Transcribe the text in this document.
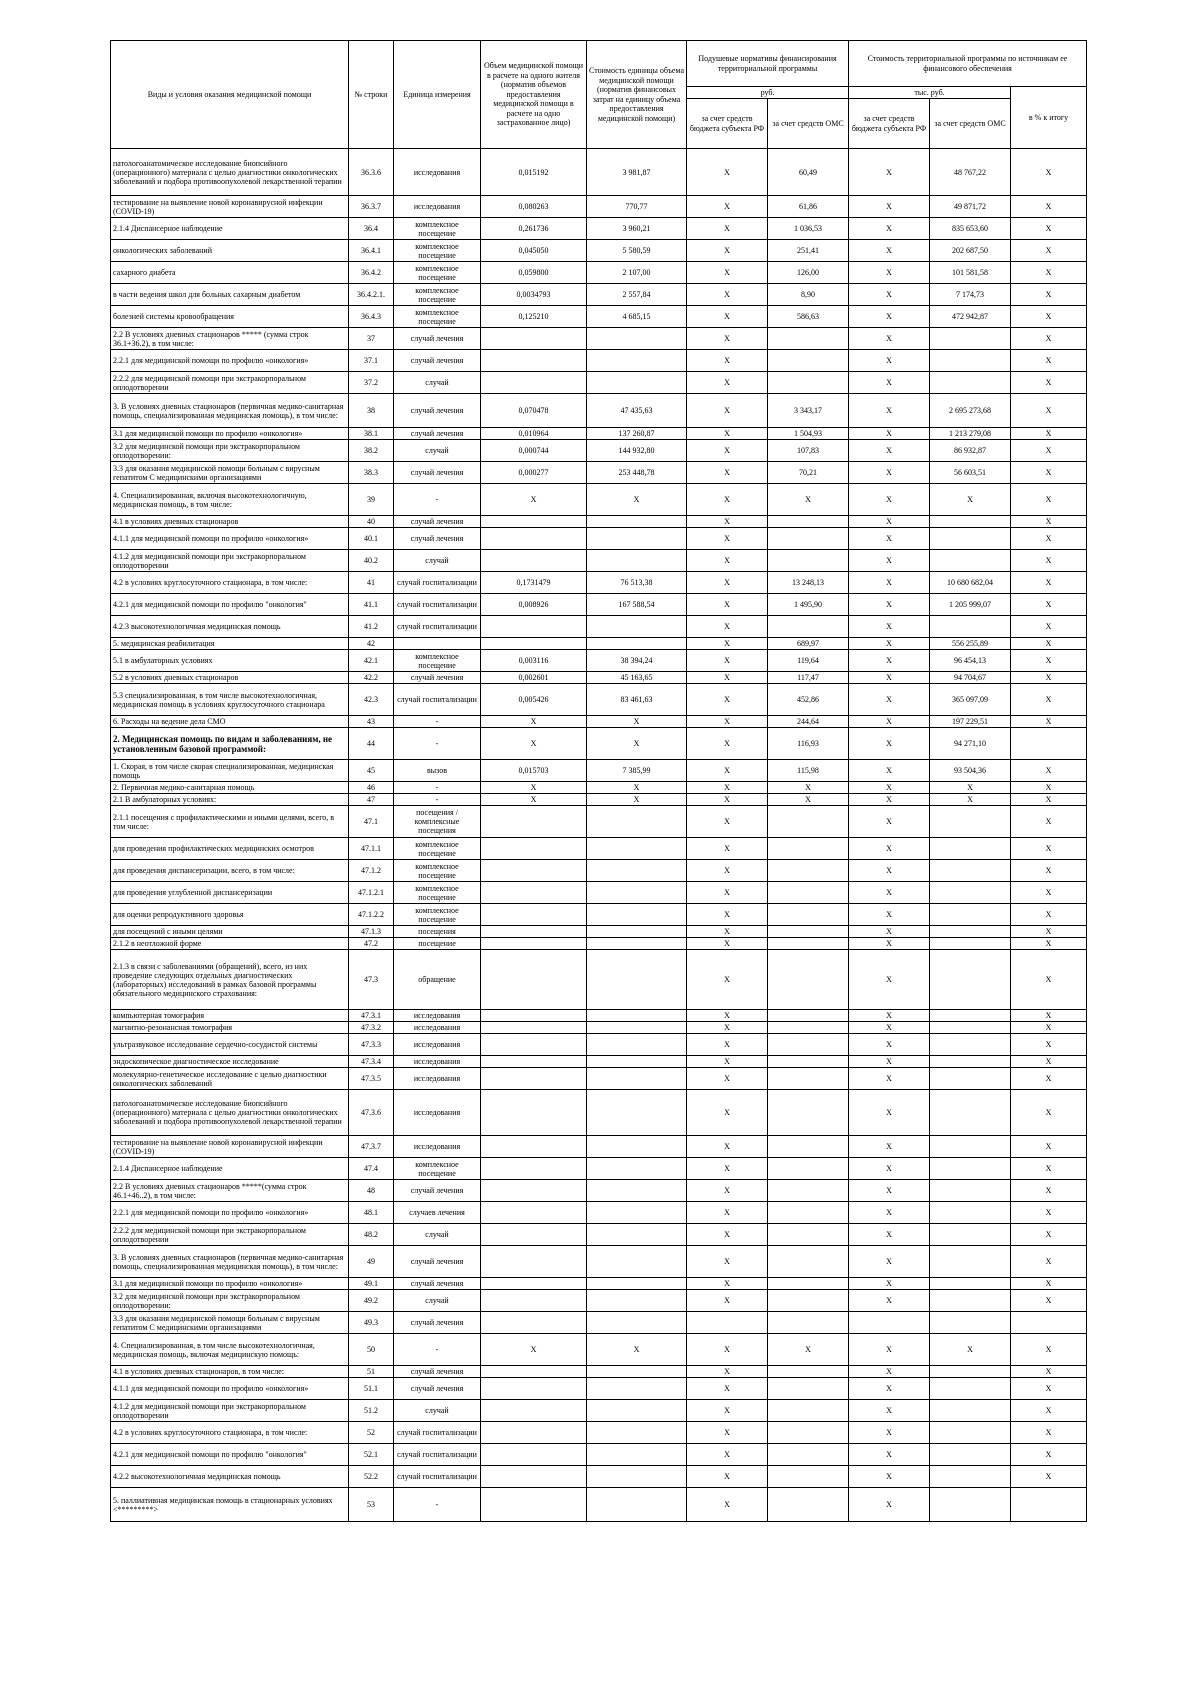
Виды и условия оказания медицинской помощи	№ строки	Единица измерения	Объем медицинской помощи в расчете на одного жителя (норматив объемов предоставления медицинской помощи в расчете на одно застрахованное лицо)	Стоимость единицы объема медицинской помощи (норматив финансовых затрат на единицу объема предоставления медицинской помощи)	Подушевые нормативы финансирования территориальной программы		Стоимость территориальной программы по источникам ее финансового обеспечения		
					руб.		тыс. руб.		в % к итогу
					за счет средств бюджета субъекта РФ	за счет средств ОМС	за счет средств бюджета субъекта РФ	за счет средств ОМС	
патологоанатомическое исследование биопсийного (операционного) материала с целью диагностики онкологических заболеваний и подбора противоопухолевой лекарственной терапии	36.3.6	исследования	0,015192	3 981,87	X	60,49	X	48 767,22	X
тестирование на выявление новой коронавирусной инфекции (COVID-19)	36.3.7	исследования	0,080263	770,77	X	61,86	X	49 871,72	X
2.1.4 Диспансерное наблюдение	36.4	комплексное посещение	0,261736	3 960,21	X	1 036,53	X	835 653,60	X
онкологических заболеваний	36.4.1	комплексное посещение	0,045050	5 580,59	X	251,41	X	202 687,50	X
сахарного диабета	36.4.2	комплексное посещение	0,059800	2 107,00	X	126,00	X	101 581,58	X
в части ведения школ для больных сахарным диабетом	36.4.2.1.	комплексное посещение	0,0034793	2 557,84	X	8,90	X	7 174,73	X
болезней системы кровообращения	36.4.3	комплексное посещение	0,125210	4 685,15	X	586,63	X	472 942,87	X
2.2 В условиях дневных стационаров ***** (сумма строк 36.1+36.2), в том числе:	37	случай лечения			X		X		X
2.2.1 для медицинской помощи по профилю «онкология»	37.1	случай лечения			X		X		X
2.2.2 для медицинской помощи при экстракорпоральном оплодотворении	37.2	случай			X		X		X
3. В условиях дневных стационаров (первичная медико-санитарная помощь, специализированная медицинская помощь), в том числе:	38	случай лечения	0,070478	47 435,63	X	3 343,17	X	2 695 273,68	X
3.1 для медицинской помощи по профилю «онкология»	38.1	случай лечения	0,010964	137 260,87	X	1 504,93	X	1 213 279,08	X
3.2 для медицинской помощи при экстракорпоральном оплодотворении:	38.2	случай	0,000744	144 932,80	X	107,83	X	86 932,87	X
3.3 для оказания медицинской помощи больным с вирусным гепатитом С медицинскими организациями	38.3	случай лечения	0,000277	253 448,78	X	70,21	X	56 603,51	X
4. Специализированная, включая высокотехнологичную, медицинская помощь, в том числе:	39	-	X	X	X	X	X	X	X
4.1 в условиях дневных стационаров	40	случай лечения			X		X		X
4.1.1 для медицинской помощи по профилю «онкология»	40.1	случай лечения			X		X		X
4.1.2 для медицинской помощи при экстракорпоральном оплодотворении	40.2	случай			X		X		X
4.2 в условиях круглосуточного стационара, в том числе:	41	случай госпитализации	0,1731479	76 513,38	X	13 248,13	X	10 680 682,04	X
4.2.1 для медицинской помощи по профилю "онкология"	41.1	случай госпитализации	0,008926	167 588,54	X	1 495,90	X	1 205 999,07	X
4.2.3 высокотехнологичная медицинская помощь	41.2	случай госпитализации			X		X		X
5. медицинская реабилитация	42				X	689,97	X	556 255,89	X
5.1 в амбулаторных условиях	42.1	комплексное посещение	0,003116	38 394,24	X	119,64	X	96 454,13	X
5.2 в условиях дневных стационаров	42.2	случай лечения	0,002601	45 163,65	X	117,47	X	94 704,67	X
5.3 специализированная, в том числе высокотехнологичная, медицинская помощь в условиях круглосуточного стационара	42.3	случай госпитализации	0,005426	83 461,63	X	452,86	X	365 097,09	X
6. Расходы на ведение дела СМО	43	-	X	X	X	244,64	X	197 229,51	X
2. Медицинская помощь по видам и заболеваниям, не установленным базовой программой:	44	-	X	X	X	116,93	X	94 271,10	
1. Скорая, в том числе скорая специализированная, медицинская помощь	45	вызов	0,015703	7 385,99	X	115,98	X	93 504,36	X
2. Первичная медико-санитарная помощь	46	-	X	X	X	X	X	X	X
2.1 В амбулаторных условиях:	47	-	X	X	X	X	X	X	X
2.1.1 посещения с профилактическими и иными целями, всего, в том числе:	47.1	посещения / комплексные посещения			X		X		X
для проведения профилактических медицинских осмотров	47.1.1	комплексное посещение			X		X		X
для проведения диспансеризации, всего, в том числе:	47.1.2	комплексное посещение			X		X		X
для проведения углубленной диспансеризации	47.1.2.1	комплексное посещение			X		X		X
для оценки репродуктивного здоровья	47.1.2.2	комплексное посещение			X		X		X
для посещений с иными целями	47.1.3	посещения			X		X		X
2.1.2 в неотложной форме	47.2	посещение			X		X		X
2.1.3 в связи с заболеваниями (обращений), всего, из них проведение следующих отдельных диагностических (лабораторных) исследований в рамках базовой программы обязательного медицинского страхования:	47.3	обращение			X		X		X
компьютерная томография	47.3.1	исследования			X		X		X
магнитно-резонансная томография	47.3.2	исследования			X		X		X
ультразвуковое исследование сердечно-сосудистой системы	47.3.3	исследования			X		X		X
эндоскопическое диагностическое исследование	47.3.4	исследования			X		X		X
молекулярно-генетическое исследование с целью диагностики онкологических заболеваний	47.3.5	исследования			X		X		X
патологоанатомическое исследование биопсийного (операционного) материала с целью диагностики онкологических заболеваний и подбора противоопухолевой лекарственной терапии	47.3.6	исследования			X		X		X
тестирование на выявление новой коронавирусной инфекции (COVID-19)	47.3.7	исследования			X		X		X
2.1.4 Диспансерное наблюдение	47.4	комплексное посещение			X		X		X
2.2 В условиях дневных стационаров *****(сумма строк 46.1+46..2), в том числе:	48	случай лечения			X		X		X
2.2.1 для медицинской помощи по профилю «онкология»	48.1	случаев лечения			X		X		X
2.2.2 для медицинской помощи при экстракорпоральном оплодотворении	48.2	случай			X		X		X
3. В условиях дневных стационаров (первичная медико-санитарная помощь, специализированная медицинская помощь), в том числе:	49	случай лечения			X		X		X
3.1 для медицинской помощи по профилю «онкология»	49.1	случай лечения			X		X		X
3.2 для медицинской помощи при экстракорпоральном оплодотворении:	49.2	случай			X		X		X
3.3 для оказания медицинской помощи больным с вирусным гепатитом С медицинскими организациями	49.3	случай лечения							
4. Специализированная, в том числе высокотехнологичная, медицинская помощь, включая медицинскую помощь:	50	-	X	X	X	X	X	X	X
4.1 в условиях дневных стационаров, в том числе:	51	случай лечения			X		X		X
4.1.1 для медицинской помощи по профилю «онкология»	51.1	случай лечения			X		X		X
4.1.2 для медицинской помощи при экстракорпоральном оплодотворении	51.2	случай			X		X		X
4.2 в условиях круглосуточного стационара, в том числе:	52	случай госпитализации			X		X		X
4.2.1 для медицинской помощи по профилю "онкология"	52.1	случай госпитализации			X		X		X
4.2.2 высокотехнологичная медицинская помощь	52.2	случай госпитализации			X		X		X
5. паллиативная медицинская помощь в стационарных условиях <*********>	53	-			X		X		
